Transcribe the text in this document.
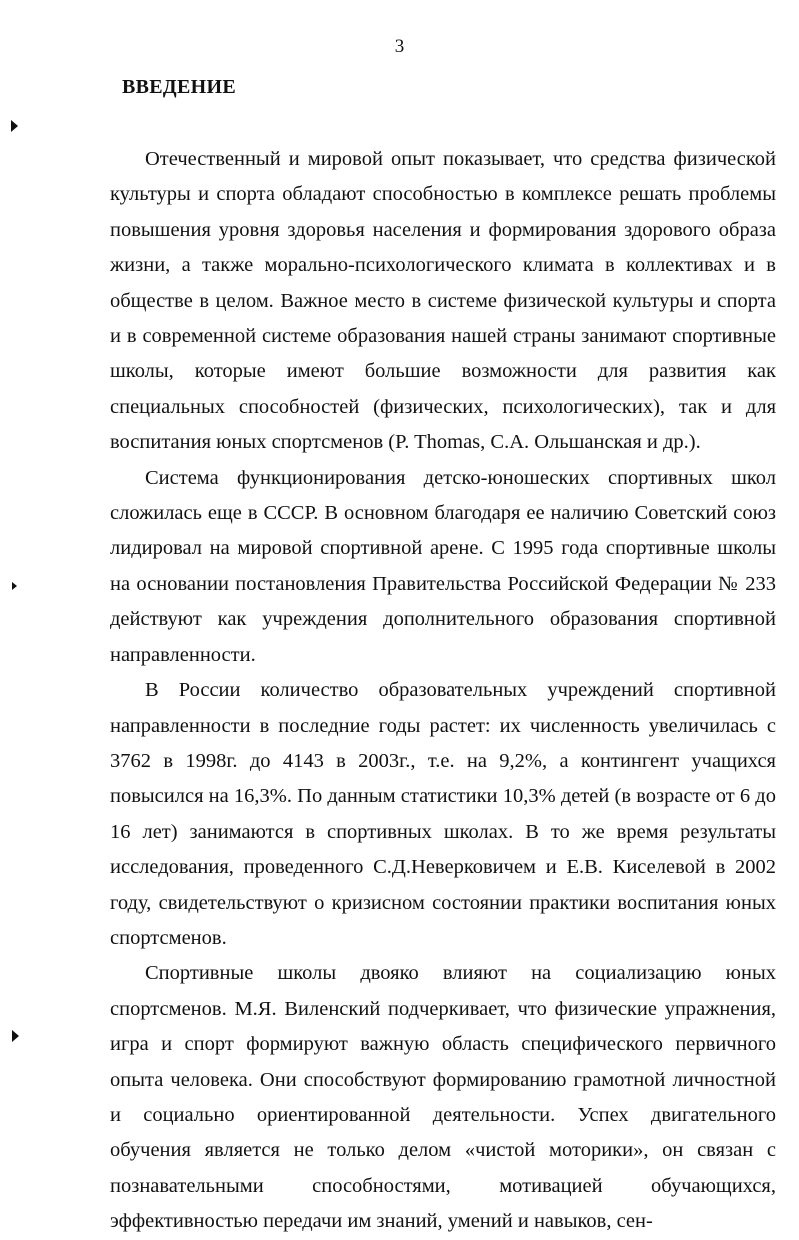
3
ВВЕДЕНИЕ

Отечественный и мировой опыт показывает, что средства физической культуры и спорта обладают способностью в комплексе решать проблемы повышения уровня здоровья населения и формирования здорового образа жизни, а также морально-психологического климата в коллективах и в обществе в целом. Важное место в системе физической культуры и спорта и в современной системе образования нашей страны занимают спортивные школы, которые имеют большие возможности для развития как специальных способностей (физических, психологических), так и для воспитания юных спортсменов (P. Thomas, С.А. Ольшанская и др.).

Система функционирования детско-юношеских спортивных школ сложилась еще в СССР. В основном благодаря ее наличию Советский союз лидировал на мировой спортивной арене. С 1995 года спортивные школы на основании постановления Правительства Российской Федерации № 233 действуют как учреждения дополнительного образования спортивной направленности.

В России количество образовательных учреждений спортивной направленности в последние годы растет: их численность увеличилась с 3762 в 1998г. до 4143 в 2003г., т.е. на 9,2%, а контингент учащихся повысился на 16,3%. По данным статистики 10,3% детей (в возрасте от 6 до 16 лет) занимаются в спортивных школах. В то же время результаты исследования, проведенного С.Д.Неверковичем и Е.В. Киселевой в 2002 году, свидетельствуют о кризисном состоянии практики воспитания юных спортсменов.

Спортивные школы двояко влияют на социализацию юных спортсменов. М.Я. Виленский подчеркивает, что физические упражнения, игра и спорт формируют важную область специфического первичного опыта человека. Они способствуют формированию грамотной личностной и социально ориентированной деятельности. Успех двигательного обучения является не только делом «чистой моторики», он связан с познавательными способностями, мотивацией обучающихся, эффективностью передачи им знаний, умений и навыков, сен-
